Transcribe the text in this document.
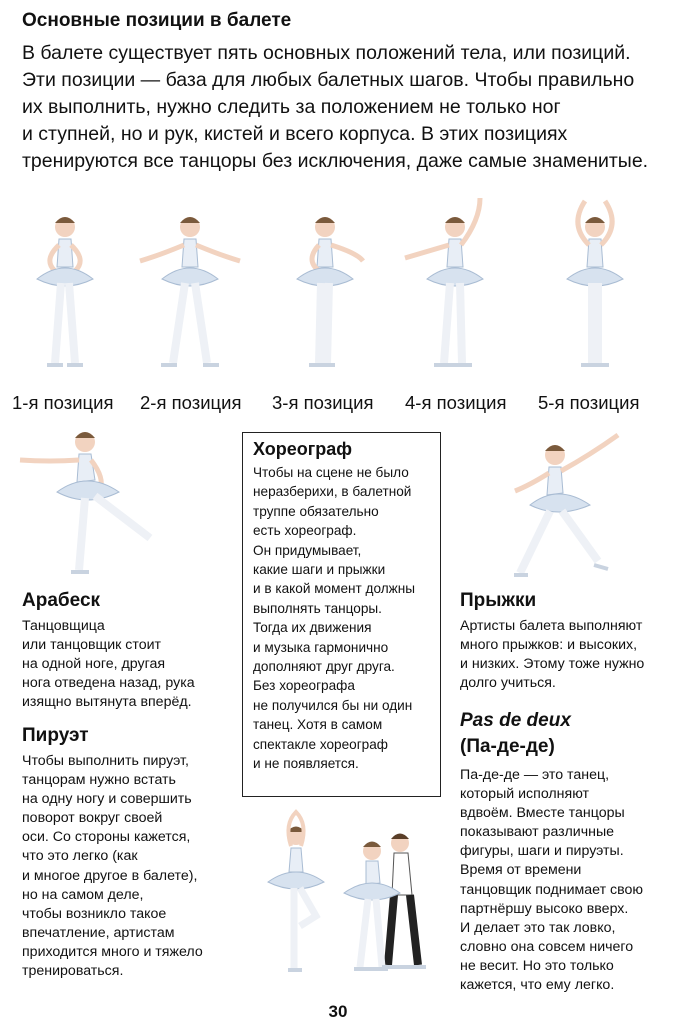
Основные позиции в балете
В балете существует пять основных положений тела, или позиций.
Эти позиции — база для любых балетных шагов. Чтобы правильно
их выполнить, нужно следить за положением не только ног
и ступней, но и рук, кистей и всего корпуса. В этих позициях
тренируются все танцоры без исключения, даже самые знаменитые.
1-я позиция 2-я позиция 3-я позиция 4-я позиция 5-я позиция
Арабеск
Танцовщица
или танцовщик стоит
на одной ноге, другая
нога отведена назад, рука
изящно вытянута вперёд.
Пируэт
Чтобы выполнить пируэт,
танцорам нужно встать
на одну ногу и совершить
поворот вокруг своей
оси. Со стороны кажется,
что это легко (как
и многое другое в балете),
но на самом деле,
чтобы возникло такое
впечатление, артистам
приходится много и тяжело
тренироваться.
Хореограф
Чтобы на сцене не было
неразберихи, в балетной
труппе обязательно
есть хореограф.
Он придумывает,
какие шаги и прыжки
и в какой момент должны
выполнять танцоры.
Тогда их движения
и музыка гармонично
дополняют друг друга.
Без хореографа
не получился бы ни один
танец. Хотя в самом
спектакле хореограф
и не появляется.
Прыжки
Артисты балета выполняют
много прыжков: и высоких,
и низких. Этому тоже нужно
долго учиться.
Pas de deux
(Па-де-де)
Па-де-де — это танец,
который исполняют
вдвоём. Вместе танцоры
показывают различные
фигуры, шаги и пируэты.
Время от времени
танцовщик поднимает свою
партнёршу высоко вверх.
И делает это так ловко,
словно она совсем ничего
не весит. Но это только
кажется, что ему легко.
30
